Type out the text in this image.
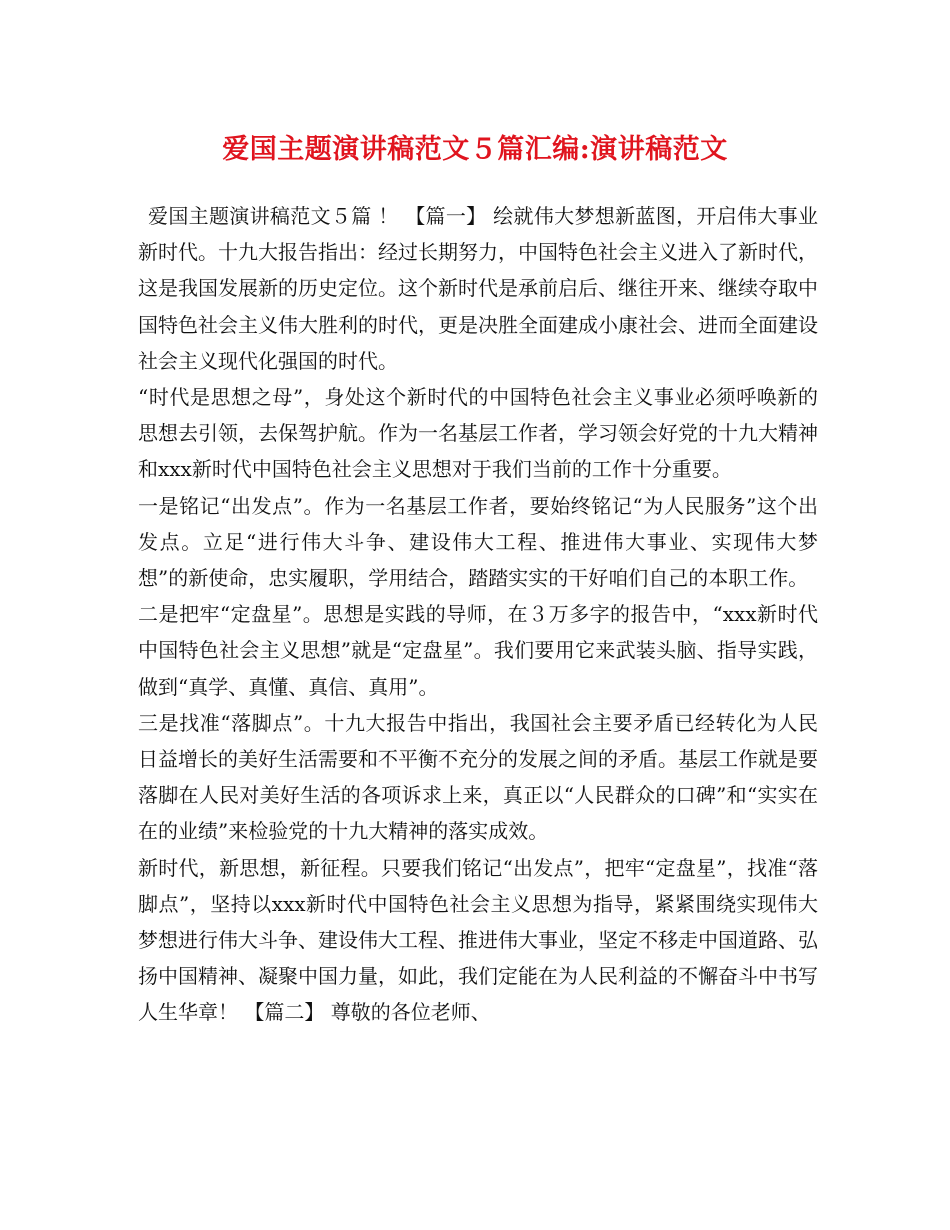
爱国主题演讲稿范文５篇汇编:演讲稿范文

爱国主题演讲稿范文５篇 ！ 【篇一】 绘就伟大梦想新蓝图，开启伟大事业新时代。十九大报告指出：经过长期努力，中国特色社会主义进入了新时代，这是我国发展新的历史定位。这个新时代是承前启后、继往开来、继续夺取中国特色社会主义伟大胜利的时代，更是决胜全面建成小康社会、进而全面建设社会主义现代化强国的时代。

“时代是思想之母”，身处这个新时代的中国特色社会主义事业必须呼唤新的思想去引领，去保驾护航。作为一名基层工作者，学习领会好党的十九大精神和xxx新时代中国特色社会主义思想对于我们当前的工作十分重要。

一是铭记“出发点”。作为一名基层工作者，要始终铭记“为人民服务”这个出发点。立足“进行伟大斗争、建设伟大工程、推进伟大事业、实现伟大梦想”的新使命，忠实履职，学用结合，踏踏实实的干好咱们自己的本职工作。

二是把牢“定盘星”。思想是实践的导师，在３万多字的报告中，“xxx新时代中国特色社会主义思想”就是“定盘星”。我们要用它来武装头脑、指导实践，做到“真学、真懂、真信、真用”。

三是找准“落脚点”。十九大报告中指出，我国社会主要矛盾已经转化为人民日益增长的美好生活需要和不平衡不充分的发展之间的矛盾。基层工作就是要落脚在人民对美好生活的各项诉求上来，真正以“人民群众的口碑”和“实实在在的业绩”来检验党的十九大精神的落实成效。

新时代，新思想，新征程。只要我们铭记“出发点”，把牢“定盘星”，找准“落脚点”，坚持以xxx新时代中国特色社会主义思想为指导，紧紧围绕实现伟大梦想进行伟大斗争、建设伟大工程、推进伟大事业，坚定不移走中国道路、弘扬中国精神、凝聚中国力量，如此，我们定能在为人民利益的不懈奋斗中书写人生华章！ 【篇二】 尊敬的各位老师、
